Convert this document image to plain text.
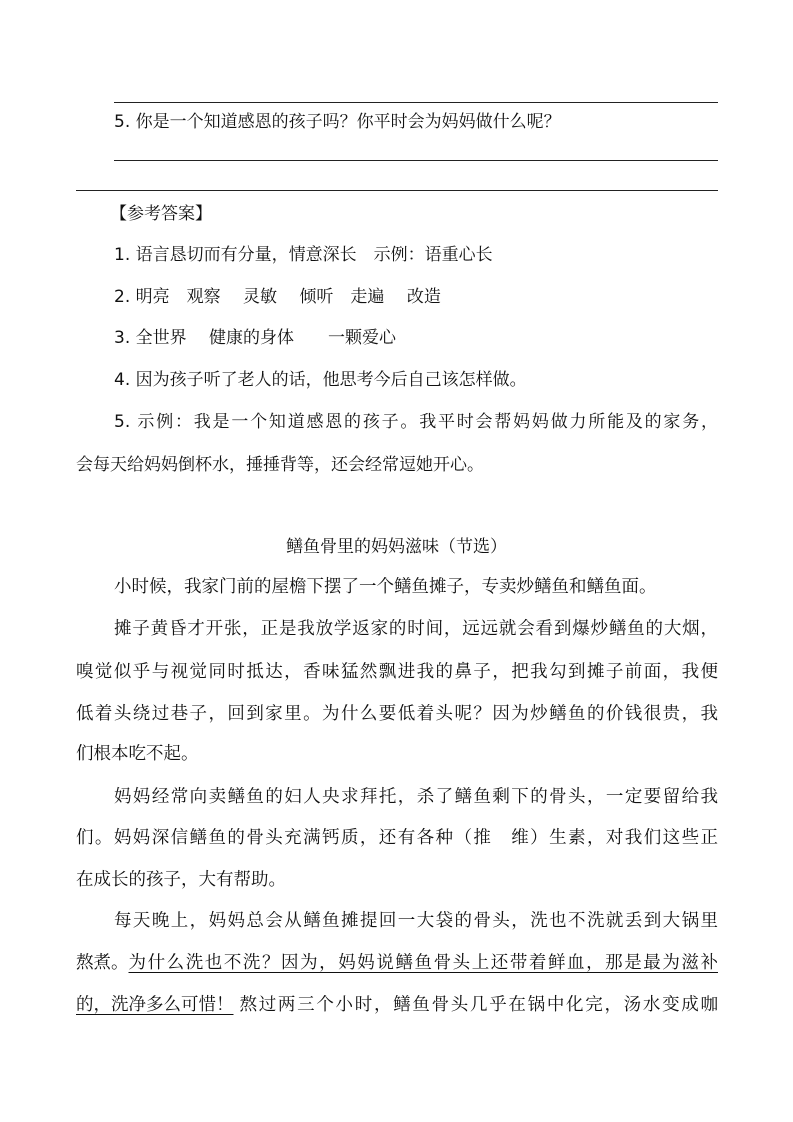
5. 你是一个知道感恩的孩子吗？你平时会为妈妈做什么呢？
【参考答案】
1. 语言恳切而有分量，情意深长　示例：语重心长
2. 明亮　观察　 灵敏　 倾听　走遍　 改造
3. 全世界　 健康的身体　　一颗爱心
4. 因为孩子听了老人的话，他思考今后自己该怎样做。
5. 示例：我是一个知道感恩的孩子。我平时会帮妈妈做力所能及的家务，
会每天给妈妈倒杯水，捶捶背等，还会经常逗她开心。
鳝鱼骨里的妈妈滋味（节选）
小时候，我家门前的屋檐下摆了一个鳝鱼摊子，专卖炒鳝鱼和鳝鱼面。
摊子黄昏才开张，正是我放学返家的时间，远远就会看到爆炒鳝鱼的大烟，
嗅觉似乎与视觉同时抵达，香味猛然飘进我的鼻子，把我勾到摊子前面，我便
低着头绕过巷子，回到家里。为什么要低着头呢？因为炒鳝鱼的价钱很贵，我
们根本吃不起。
妈妈经常向卖鳝鱼的妇人央求拜托，杀了鳝鱼剩下的骨头，一定要留给我
们。妈妈深信鳝鱼的骨头充满钙质，还有各种（推　维）生素，对我们这些正
在成长的孩子，大有帮助。
每天晚上，妈妈总会从鳝鱼摊提回一大袋的骨头，洗也不洗就丢到大锅里
熬煮。 为什么洗也不洗？因为，妈妈说鳝鱼骨头上还带着鲜血，那是最为滋补
的，洗净多么可惜！ 熬过两三个小时，鳝鱼骨头几乎在锅中化完，汤水变成咖
